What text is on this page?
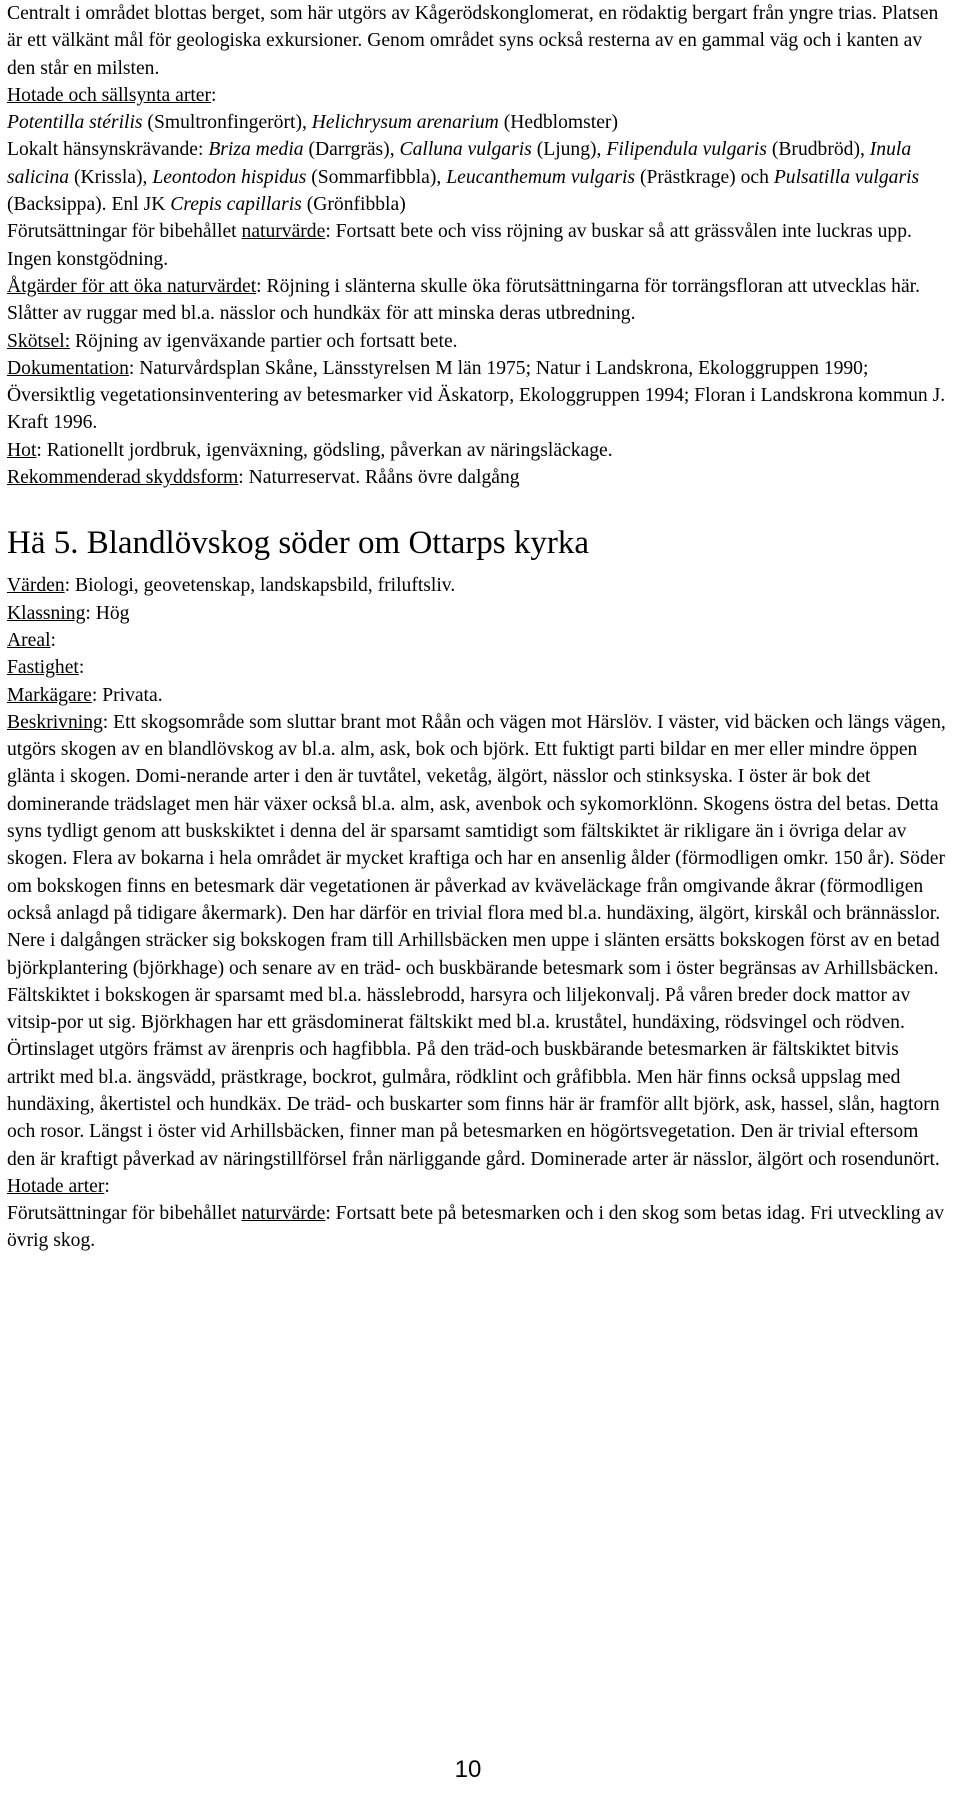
Centralt i området blottas berget, som här utgörs av Kågerödskonglomerat, en rödaktig bergart från yngre trias. Platsen är ett välkänt mål för geologiska exkursioner. Genom området syns också resterna av en gammal väg och i kanten av den står en milsten.

Hotade och sällsynta arter:
Potentilla stérilis (Smultronfingerört), Helichrysum arenarium (Hedblomster)

Lokalt hänsynskrävande: Briza media (Darrgräs), Calluna vulgaris (Ljung), Filipendula vulgaris (Brudbröd), Inula salicina (Krissla), Leontodon hispidus (Sommarfibbla), Leucanthemum vulgaris (Prästkrage) och Pulsatilla vulgaris (Backsippa). Enl JK Crepis capillaris (Grönfibbla)

Förutsättningar för bibehållet naturvärde: Fortsatt bete och viss röjning av buskar så att grässvålen inte luckras upp. Ingen konstgödning.

Åtgärder för att öka naturvärdet: Röjning i slänterna skulle öka förutsättningarna för torrängsfloran att utvecklas här. Slåtter av ruggar med bl.a. nässlor och hundkäx för att minska deras utbredning.

Skötsel: Röjning av igenväxande partier och fortsatt bete.

Dokumentation: Naturvårdsplan Skåne, Länsstyrelsen M län 1975; Natur i Landskrona, Ekologgruppen 1990; Översiktlig vegetationsinventering av betesmarker vid Äskatorp, Ekologgruppen 1994; Floran i Landskrona kommun J. Kraft 1996.

Hot: Rationellt jordbruk, igenväxning, gödsling, påverkan av näringsläckage.

Rekommenderad skyddsform: Naturreservat. Rååns övre dalgång

Hä 5. Blandlövskog söder om Ottarps kyrka

Värden: Biologi, geovetenskap, landskapsbild, friluftsliv.

Klassning: Hög

Areal:

Fastighet:

Markägare: Privata.

Beskrivning: Ett skogsområde som sluttar brant mot Råån och vägen mot Härslöv. I väster, vid bäcken och längs vägen, utgörs skogen av en blandlövskog av bl.a. alm, ask, bok och björk. Ett fuktigt parti bildar en mer eller mindre öppen glänta i skogen. Domi-nerande arter i den är tuvtåtel, veketåg, älgört, nässlor och stinksyska. I öster är bok det dominerande trädslaget men här växer också bl.a. alm, ask, avenbok och sykomorklönn. Skogens östra del betas. Detta syns tydligt genom att buskskiktet i denna del är sparsamt samtidigt som fältskiktet är rikligare än i övriga delar av skogen. Flera av bokarna i hela området är mycket kraftiga och har en ansenlig ålder (förmodligen omkr. 150 år). Söder om bokskogen finns en betesmark där vegetationen är påverkad av kväveläckage från omgivande åkrar (förmodligen också anlagd på tidigare åkermark). Den har därför en trivial flora med bl.a. hundäxing, älgört, kirskål och brännässlor. Nere i dalgången sträcker sig bokskogen fram till Arhillsbäcken men uppe i slänten ersätts bokskogen först av en betad björkplantering (björkhage) och senare av en träd- och buskbärande betesmark som i öster begränsas av Arhillsbäcken. Fältskiktet i bokskogen är sparsamt med bl.a. hässlebrodd, harsyra och liljekonvalj. På våren breder dock mattor av vitsip-por ut sig. Björkhagen har ett gräsdominerat fältskikt med bl.a. kruståtel, hundäxing, rödsvingel och rödven. Örtinslaget utgörs främst av ärenpris och hagfibbla. På den träd-och buskbärande betesmarken är fältskiktet bitvis artrikt med bl.a. ängsvädd, prästkrage, bockrot, gulmåra, rödklint och gråfibbla. Men här finns också uppslag med hundäxing, åkertistel och hundkäx. De träd- och buskarter som finns här är framför allt björk, ask, hassel, slån, hagtorn och rosor. Längst i öster vid Arhillsbäcken, finner man på betesmarken en högörtsvegetation. Den är trivial eftersom den är kraftigt påverkad av näringstillförsel från närliggande gård. Dominerade arter är nässlor, älgört och rosendunört.

Hotade arter:

Förutsättningar för bibehållet naturvärde: Fortsatt bete på betesmarken och i den skog som betas idag. Fri utveckling av övrig skog.

10
